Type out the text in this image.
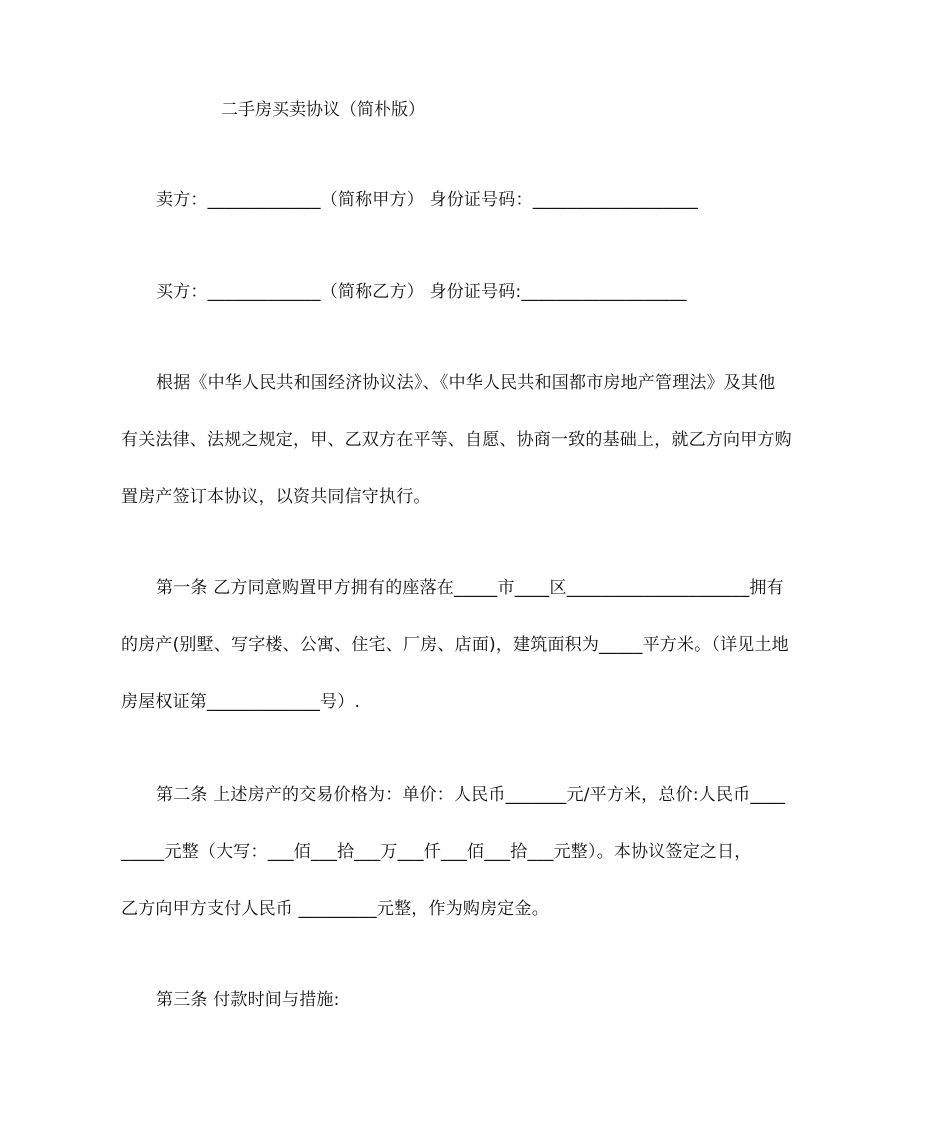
二手房买卖协议（简朴版）
卖方：_____________（简称甲方） 身份证号码：___________________
买方：_____________（简称乙方） 身份证号码:___________________
根据《中华人民共和国经济协议法》、《中华人民共和国都市房地产管理法》及其他
有关法律、法规之规定，甲、乙双方在平等、自愿、协商一致的基础上，就乙方向甲方购
置房产签订本协议，以资共同信守执行。
第一条 乙方同意购置甲方拥有的座落在_____市____区_____________________拥有
的房产(别墅、写字楼、公寓、住宅、厂房、店面)，建筑面积为_____平方米。（详见土地
房屋权证第_____________号）.
第二条 上述房产的交易价格为：单价：人民币_______元/平方米，总价:人民币____
_____元整（大写：___佰___拾___万___仟___佰___拾___元整）。本协议签定之日，
乙方向甲方支付人民币 _________元整，作为购房定金。
第三条 付款时间与措施:
